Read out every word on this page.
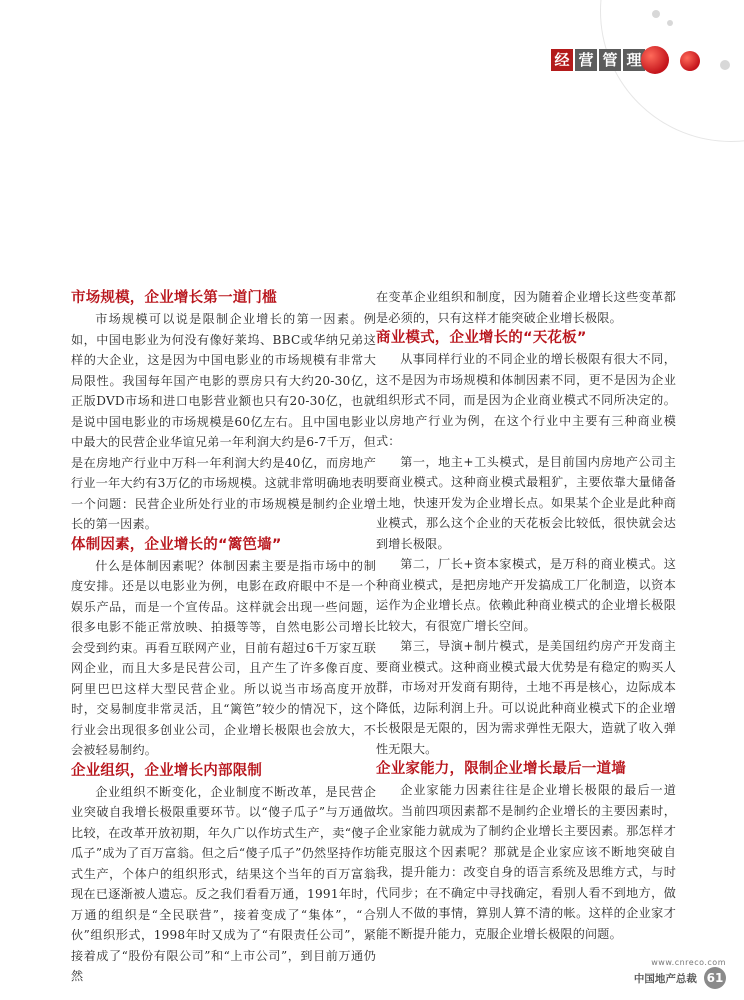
经 营 管 理
市场规模，企业增长第一道门槛

市场规模可以说是限制企业增长的第一因素。例如，中国电影业为何没有像好莱坞、BBC或华纳兄弟这样的大企业，这是因为中国电影业的市场规模有非常大局限性。我国每年国产电影的票房只有大约20-30亿，正版DVD市场和进口电影营业额也只有20-30亿，也就是说中国电影业的市场规模是60亿左右。且中国电影业中最大的民营企业华谊兄弟一年利润大约是6-7千万，但是在房地产行业中万科一年利润大约是40亿，而房地产行业一年大约有3万亿的市场规模。这就非常明确地表明一个问题：民营企业所处行业的市场规模是制约企业增长的第一因素。

体制因素，企业增长的“篱笆墙”

什么是体制因素呢？体制因素主要是指市场中的制度安排。还是以电影业为例，电影在政府眼中不是一个娱乐产品，而是一个宣传品。这样就会出现一些问题，很多电影不能正常放映、拍摄等等，自然电影公司增长会受到约束。再看互联网产业，目前有超过6千万家互联网企业，而且大多是民营公司，且产生了许多像百度、阿里巴巴这样大型民营企业。所以说当市场高度开放时，交易制度非常灵活，且“篱笆”较少的情况下，这个行业会出现很多创业公司，企业增长极限也会放大，不会被轻易制约。

企业组织，企业增长内部限制

企业组织不断变化，企业制度不断改革，是民营企业突破自我增长极限重要环节。以“傻子瓜子”与万通做比较，在改革开放初期，年久广以作坊式生产，卖“傻子瓜子”成为了百万富翁。但之后“傻子瓜子”仍然坚持作坊式生产，个体户的组织形式，结果这个当年的百万富翁现在已逐渐被人遗忘。反之我们看看万通，1991年时，万通的组织是“全民联营”，接着变成了“集体”，“合伙”组织形式，1998年时又成为了“有限责任公司”，紧接着成了“股份有限公司”和“上市公司”，到目前万通仍然

在变革企业组织和制度，因为随着企业增长这些变革都是必须的，只有这样才能突破企业增长极限。

商业模式，企业增长的“天花板”

从事同样行业的不同企业的增长极限有很大不同，这不是因为市场规模和体制因素不同，更不是因为企业组织形式不同，而是因为企业商业模式不同所决定的。以房地产行业为例，在这个行业中主要有三种商业模式：

第一，地主+工头模式，是目前国内房地产公司主要商业模式。这种商业模式最粗犷，主要依靠大量储备土地，快速开发为企业增长点。如果某个企业是此种商业模式，那么这个企业的天花板会比较低，很快就会达到增长极限。

第二，厂长+资本家模式，是万科的商业模式。这种商业模式，是把房地产开发搞成工厂化制造，以资本运作为企业增长点。依赖此种商业模式的企业增长极限比较大，有很宽广增长空间。

第三，导演+制片模式，是美国纽约房产开发商主要商业模式。这种商业模式最大优势是有稳定的购买人群，市场对开发商有期待，土地不再是核心，边际成本降低，边际利润上升。可以说此种商业模式下的企业增长极限是无限的，因为需求弹性无限大，造就了收入弹性无限大。

企业家能力，限制企业增长最后一道墙

企业家能力因素往往是企业增长极限的最后一道坎。当前四项因素都不是制约企业增长的主要因素时，企业家能力就成为了制约企业增长主要因素。那怎样才能克服这个因素呢？那就是企业家应该不断地突破自我，提升能力：改变自身的语言系统及思维方式，与时代同步；在不确定中寻找确定，看别人看不到地方，做别人不做的事情，算别人算不清的帐。这样的企业家才能不断提升能力，克服企业增长极限的问题。

www.cnreco.com
中国地产总裁 61
